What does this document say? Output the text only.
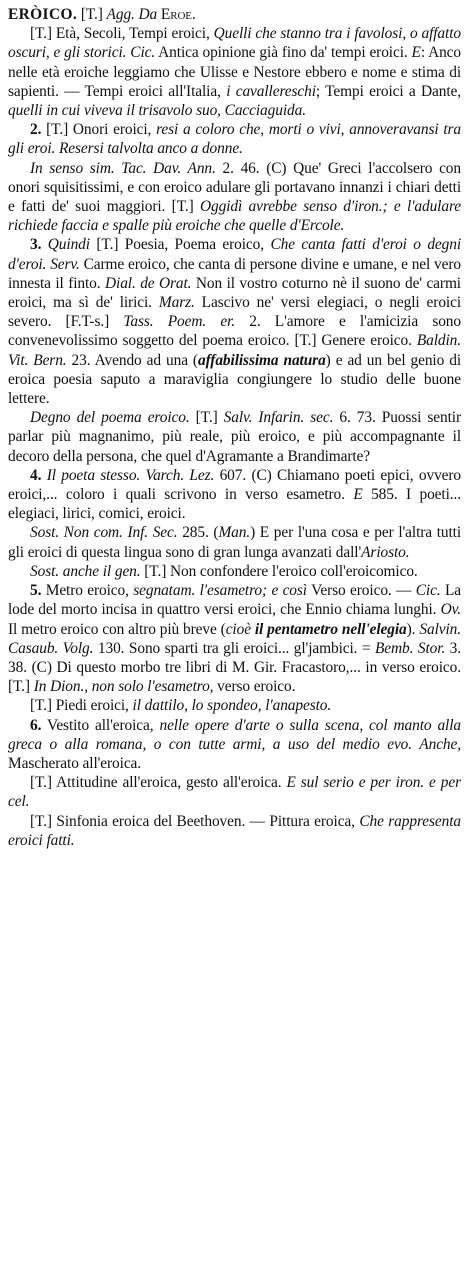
ERÒICO. [T.] Agg. Da Eroe.

[T.] Età, Secoli, Tempi eroici, Quelli che stanno tra i favolosi, o affatto oscuri, e gli storici. Cic. Antica opinione già fino da' tempi eroici. E: Anco nelle età eroiche leggiamo che Ulisse e Nestore ebbero e nome e stima di sapienti. — Tempi eroici all'Italia, i cavallereschi; Tempi eroici a Dante, quelli in cui viveva il trisavolo suo, Cacciaguida.

2. [T.] Onori eroici, resi a coloro che, morti o vivi, annoveravansi tra gli eroi. Resersi talvolta anco a donne.

In senso sim. Tac. Dav. Ann. 2. 46. (C) Que' Greci l'accolsero con onori squisitissimi, e con eroico adulare gli portavano innanzi i chiari detti e fatti de' suoi maggiori. [T.] Oggidì avrebbe senso d'iron.; e l'adulare richiede faccia e spalle più eroiche che quelle d'Ercole.

3. Quindi [T.] Poesia, Poema eroico, Che canta fatti d'eroi o degni d'eroi. Serv. Carme eroico, che canta di persone divine e umane, e nel vero innesta il finto. Dial. de Orat. Non il vostro coturno nè il suono de' carmi eroici, ma sì de' lirici. Marz. Lascivo ne' versi elegiaci, o negli eroici severo. [F.T-s.] Tass. Poem. er. 2. L'amore e l'amicizia sono convenevolissimo soggetto del poema eroico. [T.] Genere eroico. Baldin. Vit. Bern. 23. Avendo ad una (affabilissima natura) e ad un bel genio di eroica poesia saputo a maraviglia congiungere lo studio delle buone lettere.

Degno del poema eroico. [T.] Salv. Infarin. sec. 6. 73. Puossi sentir parlar più magnanimo, più reale, più eroico, e più accompagnante il decoro della persona, che quel d'Agramante a Brandimarte?

4. Il poeta stesso. Varch. Lez. 607. (C) Chiamano poeti epici, ovvero eroici,... coloro i quali scrivono in verso esametro. E 585. I poeti... elegiaci, lirici, comici, eroici.

Sost. Non com. Inf. Sec. 285. (Man.) E per l'una cosa e per l'altra tutti gli eroici di questa lingua sono di gran lunga avanzati dall'Ariosto.

Sost. anche il gen. [T.] Non confondere l'eroico coll'eroicomico.

5. Metro eroico, segnatam. l'esametro; e così Verso eroico. — Cic. La lode del morto incisa in quattro versi eroici, che Ennio chiama lunghi. Ov. Il metro eroico con altro più breve (cioè il pentametro nell'elegia). Salvin. Casaub. Volg. 130. Sono sparti tra gli eroici... gl'jambici. = Bemb. Stor. 3. 38. (C) Di questo morbo tre libri di M. Gir. Fracastoro,... in verso eroico. [T.] In Dion., non solo l'esametro, verso eroico.

[T.] Piedi eroici, il dattilo, lo spondeo, l'anapesto.

6. Vestito all'eroica, nelle opere d'arte o sulla scena, col manto alla greca o alla romana, o con tutte armi, a uso del medio evo. Anche, Mascherato all'eroica.

[T.] Attitudine all'eroica, gesto all'eroica. E sul serio e per iron. e per cel.

[T.] Sinfonia eroica del Beethoven. — Pittura eroica, Che rappresenta eroici fatti.
